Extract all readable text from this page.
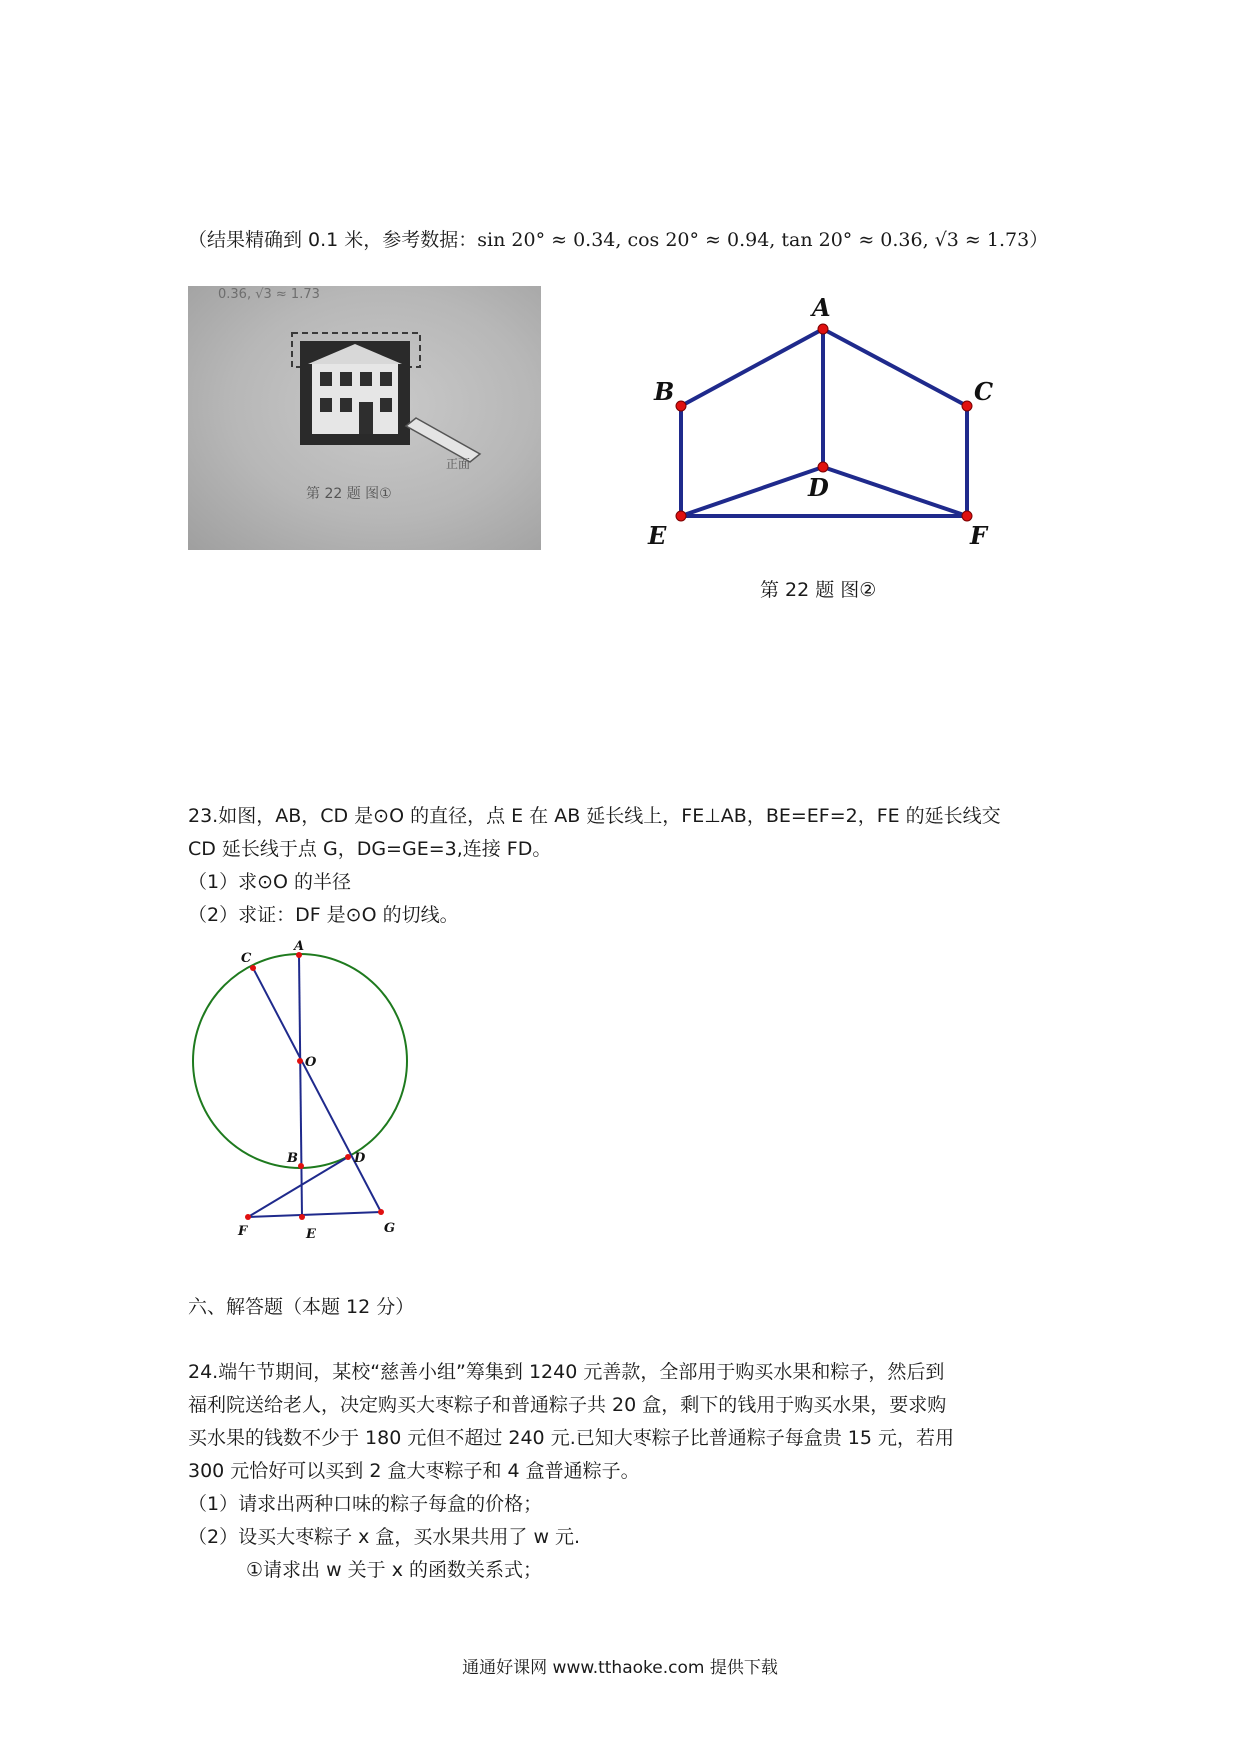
（结果精确到 0.1 米，参考数据：sin 20° ≈ 0.34, cos 20° ≈ 0.94, tan 20° ≈ 0.36, √3 ≈ 1.73）
0.36, √3 ≈ 1.73
正面
第 22 题 图①
A
B	C
D
E	F
第 22 题 图②
23.如图，AB，CD 是⊙O 的直径，点 E 在 AB 延长线上，FE⊥AB，BE=EF=2，FE 的延长线交
CD 延长线于点 G，DG=GE=3,连接 FD。
（1）求⊙O 的半径
（2）求证：DF 是⊙O 的切线。
C
A
O
B	D
F	E	G
六、解答题（本题 12 分）
24.端午节期间，某校“慈善小组”筹集到 1240 元善款，全部用于购买水果和粽子，然后到
福利院送给老人，决定购买大枣粽子和普通粽子共 20 盒，剩下的钱用于购买水果，要求购
买水果的钱数不少于 180 元但不超过 240 元.已知大枣粽子比普通粽子每盒贵 15 元，若用
300 元恰好可以买到 2 盒大枣粽子和 4 盒普通粽子。
（1）请求出两种口味的粽子每盒的价格；
（2）设买大枣粽子 x 盒，买水果共用了 w 元.
①请求出 w 关于 x 的函数关系式；
通通好课网 www.tthaoke.com 提供下载
